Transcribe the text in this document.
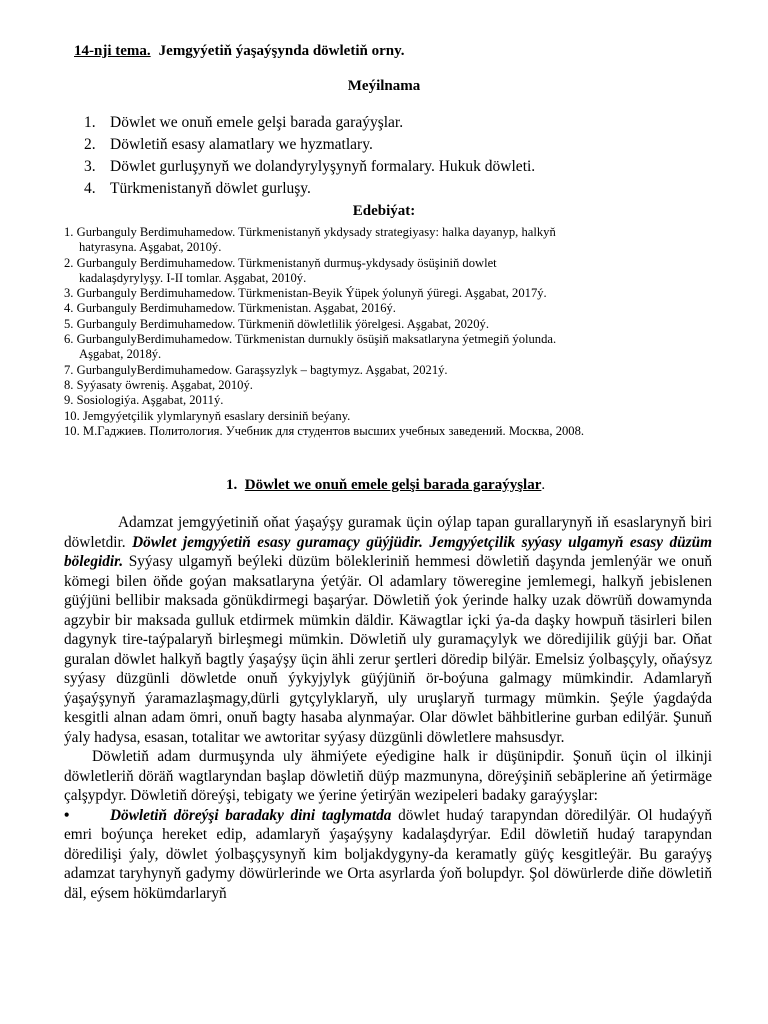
14-nji tema. Jemgyýetiň ýaşaýşynda döwletiň orny.
Meýilnama
1. Döwlet we onuň emele gelşi barada garaýyşlar.
2. Döwletiň esasy alamatlary we hyzmatlary.
3. Döwlet gurluşynyň we dolandyrylyşynyň formalary. Hukuk döwleti.
4. Türkmenistanyň döwlet gurluşy.
Edebiýat:
1. Gurbanguly Berdimuhamedow. Türkmenistanyň ykdysady strategiyasy: halka dayanyp, halkyň
hatyrasyna. Aşgabat, 2010ý.
2. Gurbanguly Berdimuhamedow. Türkmenistanyň durmuş-ykdysady ösüşiniň dowlet
kadalaşdyrylyşy. I-II tomlar. Aşgabat, 2010ý.
3. Gurbanguly Berdimuhamedow. Türkmenistan-Beyik Ýüpek ýolunyň ýüregi. Aşgabat, 2017ý.
4. Gurbanguly Berdimuhamedow. Türkmenistan. Aşgabat, 2016ý.
5. Gurbanguly Berdimuhamedow. Türkmeniň döwletlilik ýörelgesi. Aşgabat, 2020ý.
6. GurbangulyBerdimuhamedow. Türkmenistan durnukly ösüşiň maksatlaryna ýetmegiň ýolunda.
Aşgabat, 2018ý.
7. GurbangulyBerdimuhamedow. Garaşsyzlyk – bagtymyz. Aşgabat, 2021ý.
8. Syýasaty öwreniş. Aşgabat, 2010ý.
9. Sosiologiýa. Aşgabat, 2011ý.
10. Jemgyýetçilik ylymlarynyň esaslary dersiniň beýany.
10. М.Гаджиев. Политология. Учебник для студентов высших учебных заведений. Москва, 2008.
1. Döwlet we onuň emele gelşi barada garaýyşlar.

Adamzat jemgyýetiniň oňat ýaşaýşy guramak üçin oýlap tapan gurallarynyň iň esaslarynyň biri döwletdir. Döwlet jemgyýetiň esasy guramaçy güýjüdir. Jemgyýetçilik syýasy ulgamyň esasy düzüm bölegidir. Syýasy ulgamyň beýleki düzüm bölekleriniň hemmesi döwletiň daşynda jemlenýär we onuň kömegi bilen öňde goýan maksatlaryna ýetýär. Ol adamlary töweregine jemlemegi, halkyň jebislenen güýjüni bellibir maksada gönükdirmegi başarýar. Döwletiň ýok ýerinde halky uzak döwrüň dowamynda agzybir bir maksada gulluk etdirmek mümkin däldir. Käwagtlar içki ýa-da daşky howpuň täsirleri bilen dagynyk tire-taýpalaryň birleşmegi mümkin. Döwletiň uly guramaçylyk we döredijilik güýji bar. Oňat guralan döwlet halkyň bagtly ýaşaýşy üçin ähli zerur şertleri döredip bilýär. Emelsiz ýolbaşçyly, oňaýsyz syýasy düzgünli döwletde onuň ýykyjylyk güýjüniň ör-boýuna galmagy mümkindir. Adamlaryň ýaşaýşynyň ýaramazlaşmagy,dürli gytçylyklaryň, uly uruşlaryň turmagy mümkin. Şeýle ýagdaýda kesgitli alnan adam ömri, onuň bagty hasaba alynmaýar. Olar döwlet bähbitlerine gurban edilýär. Şunuň ýaly hadysa, esasan, totalitar we awtoritar syýasy düzgünli döwletlere mahsusdyr.

Döwletiň adam durmuşynda uly ähmiýete eýedigine halk ir düşünipdir. Şonuň üçin ol ilkinji döwletleriň döräň wagtlaryndan başlap döwletiň düýp mazmunyna, döreýşiniň sebäplerine aň ýetirmäge çalşypdyr. Döwletiň döreýşi, tebigaty we ýerine ýetirýän wezipeleri badaky garaýyşlar:

•	Döwletiň döreýşi baradaky dini taglymatda döwlet hudaý tarapyndan döredilýär. Ol hudaýyň emri boýunça hereket edip, adamlaryň ýaşaýşyny kadalaşdyrýar. Edil döwletiň hudaý tarapyndan döredilişi ýaly, döwlet ýolbaşçysynyň kim boljakdygyny-da keramatly güýç kesgitleýär. Bu garaýyş adamzat taryhynyň gadymy döwürlerinde we Orta asyrlarda ýoň bolupdyr. Şol döwürlerde diňe döwletiň däl, eýsem hökümdarlaryň
